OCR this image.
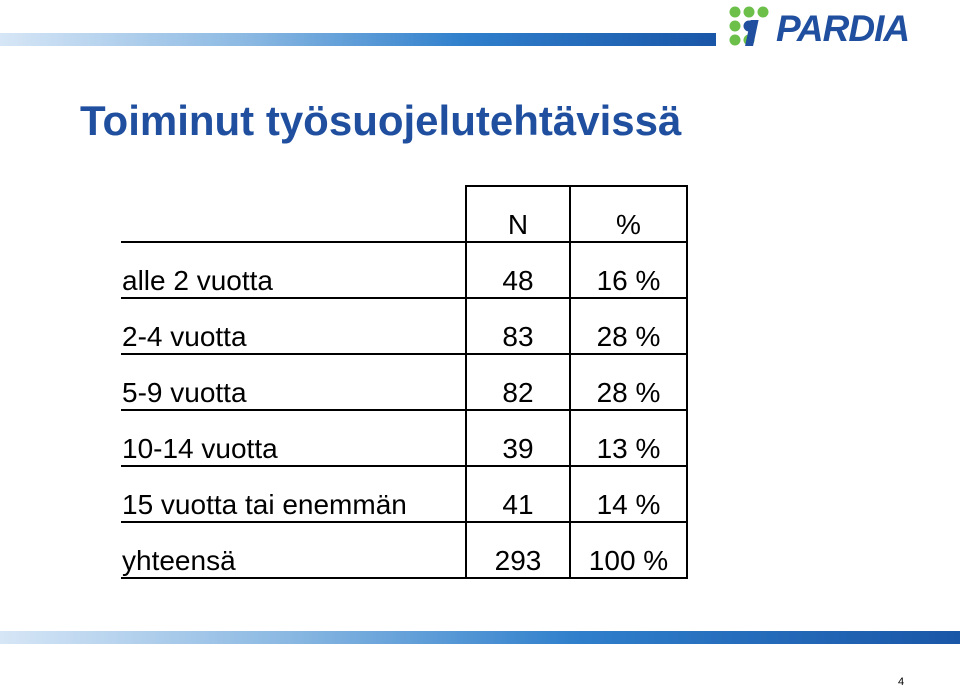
PARDIA
Toiminut työsuojelutehtävissä
	N	%
alle 2 vuotta	48	16 %
2-4 vuotta	83	28 %
5-9 vuotta	82	28 %
10-14 vuotta	39	13 %
15 vuotta tai enemmän	41	14 %
yhteensä	293	100 %
4
